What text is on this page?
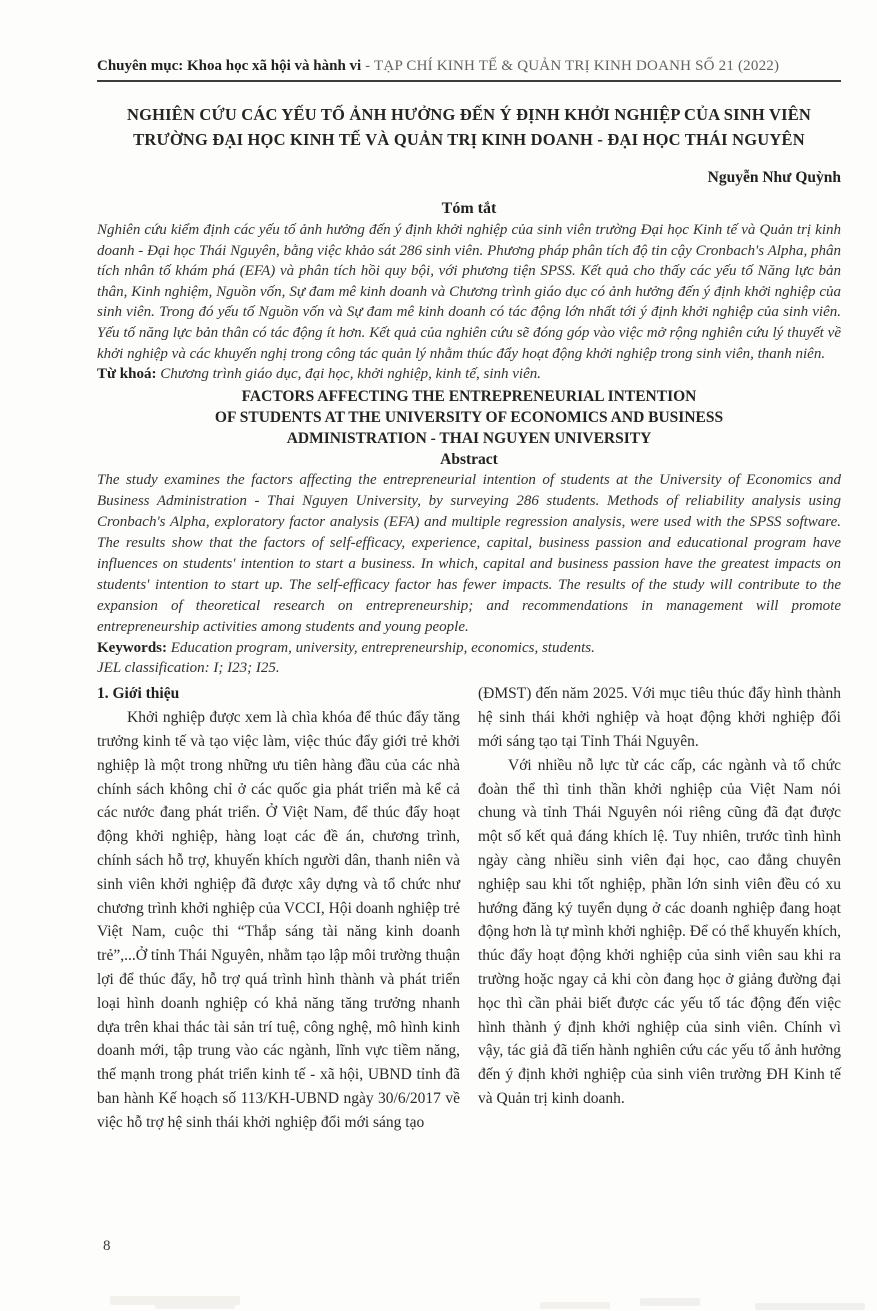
Chuyên mục: Khoa học xã hội và hành vi - TẠP CHÍ KINH TẾ & QUẢN TRỊ KINH DOANH SỐ 21 (2022)
NGHIÊN CỨU CÁC YẾU TỐ ẢNH HƯỞNG ĐẾN Ý ĐỊNH KHỞI NGHIỆP CỦA SINH VIÊN
TRƯỜNG ĐẠI HỌC KINH TẾ VÀ QUẢN TRỊ KINH DOANH - ĐẠI HỌC THÁI NGUYÊN
Nguyễn Như Quỳnh
Tóm tắt
Nghiên cứu kiểm định các yếu tố ảnh hưởng đến ý định khởi nghiệp của sinh viên trường Đại học Kinh tế và Quản trị kinh doanh - Đại học Thái Nguyên, bằng việc khảo sát 286 sinh viên. Phương pháp phân tích độ tin cậy Cronbach's Alpha, phân tích nhân tố khám phá (EFA) và phân tích hồi quy bội, với phương tiện SPSS. Kết quả cho thấy các yếu tố Năng lực bản thân, Kinh nghiệm, Nguồn vốn, Sự đam mê kinh doanh và Chương trình giáo dục có ảnh hưởng đến ý định khởi nghiệp của sinh viên. Trong đó yếu tố Nguồn vốn và Sự đam mê kinh doanh có tác động lớn nhất tới ý định khởi nghiệp của sinh viên. Yếu tố năng lực bản thân có tác động ít hơn. Kết quả của nghiên cứu sẽ đóng góp vào việc mở rộng nghiên cứu lý thuyết về khởi nghiệp và các khuyến nghị trong công tác quản lý nhằm thúc đẩy hoạt động khởi nghiệp trong sinh viên, thanh niên.
Từ khoá: Chương trình giáo dục, đại học, khởi nghiệp, kinh tế, sinh viên.
FACTORS AFFECTING THE ENTREPRENEURIAL INTENTION
OF STUDENTS AT THE UNIVERSITY OF ECONOMICS AND BUSINESS
ADMINISTRATION - THAI NGUYEN UNIVERSITY
Abstract
The study examines the factors affecting the entrepreneurial intention of students at the University of Economics and Business Administration - Thai Nguyen University, by surveying 286 students. Methods of reliability analysis using Cronbach's Alpha, exploratory factor analysis (EFA) and multiple regression analysis, were used with the SPSS software. The results show that the factors of self-efficacy, experience, capital, business passion and educational program have influences on students' intention to start a business. In which, capital and business passion have the greatest impacts on students' intention to start up. The self-efficacy factor has fewer impacts. The results of the study will contribute to the expansion of theoretical research on entrepreneurship; and recommendations in management will promote entrepreneurship activities among students and young people.
Keywords: Education program, university, entrepreneurship, economics, students.
JEL classification: I; I23; I25.
1. Giới thiệu

Khởi nghiệp được xem là chìa khóa để thúc đẩy tăng trưởng kinh tế và tạo việc làm, việc thúc đẩy giới trẻ khởi nghiệp là một trong những ưu tiên hàng đầu của các nhà chính sách không chỉ ở các quốc gia phát triển mà kể cả các nước đang phát triển. Ở Việt Nam, để thúc đẩy hoạt động khởi nghiệp, hàng loạt các đề án, chương trình, chính sách hỗ trợ, khuyến khích người dân, thanh niên và sinh viên khởi nghiệp đã được xây dựng và tổ chức như chương trình khởi nghiệp của VCCI, Hội doanh nghiệp trẻ Việt Nam, cuộc thi “Thắp sáng tài năng kinh doanh trẻ”,...Ở tỉnh Thái Nguyên, nhằm tạo lập môi trường thuận lợi để thúc đẩy, hỗ trợ quá trình hình thành và phát triển loại hình doanh nghiệp có khả năng tăng trưởng nhanh dựa trên khai thác tài sản trí tuệ, công nghệ, mô hình kinh doanh mới, tập trung vào các ngành, lĩnh vực tiềm năng, thế mạnh trong phát triển kinh tế - xã hội, UBND tỉnh đã ban hành Kế hoạch số 113/KH-UBND ngày 30/6/2017 về việc hỗ trợ hệ sinh thái khởi nghiệp đổi mới sáng tạo

(ĐMST) đến năm 2025. Với mục tiêu thúc đẩy hình thành hệ sinh thái khởi nghiệp và hoạt động khởi nghiệp đổi mới sáng tạo tại Tỉnh Thái Nguyên.

Với nhiều nỗ lực từ các cấp, các ngành và tổ chức đoàn thể thì tinh thần khởi nghiệp của Việt Nam nói chung và tỉnh Thái Nguyên nói riêng cũng đã đạt được một số kết quả đáng khích lệ. Tuy nhiên, trước tình hình ngày càng nhiều sinh viên đại học, cao đẳng chuyên nghiệp sau khi tốt nghiệp, phần lớn sinh viên đều có xu hướng đăng ký tuyển dụng ở các doanh nghiệp đang hoạt động hơn là tự mình khởi nghiệp. Để có thể khuyến khích, thúc đẩy hoạt động khởi nghiệp của sinh viên sau khi ra trường hoặc ngay cả khi còn đang học ở giảng đường đại học thì cần phải biết được các yếu tố tác động đến việc hình thành ý định khởi nghiệp của sinh viên. Chính vì vậy, tác giả đã tiến hành nghiên cứu các yếu tố ảnh hưởng đến ý định khởi nghiệp của sinh viên trường ĐH Kinh tế và Quản trị kinh doanh.

8
